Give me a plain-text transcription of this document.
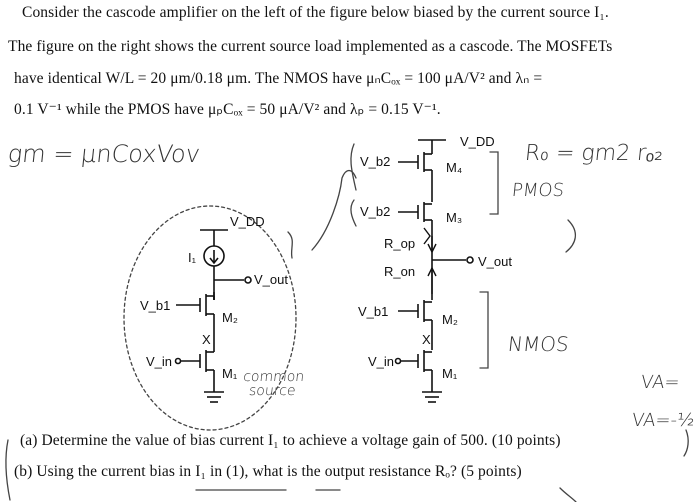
Consider the cascode amplifier on the left of the figure below biased by the current source I₁.
The figure on the right shows the current source load implemented as a cascode. The MOSFETs
have identical W/L = 20 μm/0.18 μm. The NMOS have μₙCₒₓ = 100 μA/V² and λₙ =
0.1 V⁻¹ while the PMOS have μₚCₒₓ = 50 μA/V² and λₚ = 0.15 V⁻¹.
(a) Determine the value of bias current I₁ to achieve a voltage gain of 500. (10 points)
(b) Using the current bias in I₁ in (1), what is the output resistance Rₒ? (5 points)
gm = μnCoxVov	R₀ = gm2 rₒ₂
PMOS
NMOS
common source	VA=
VA=-½
V_DD
I₁
V_out
V_b1
M₂
X
V_in
M₁
V_DD
V_b2	M₄
V_b2	M₃
R_op
V_out
R_on
V_b1
M₂
X
V_in
M₁
